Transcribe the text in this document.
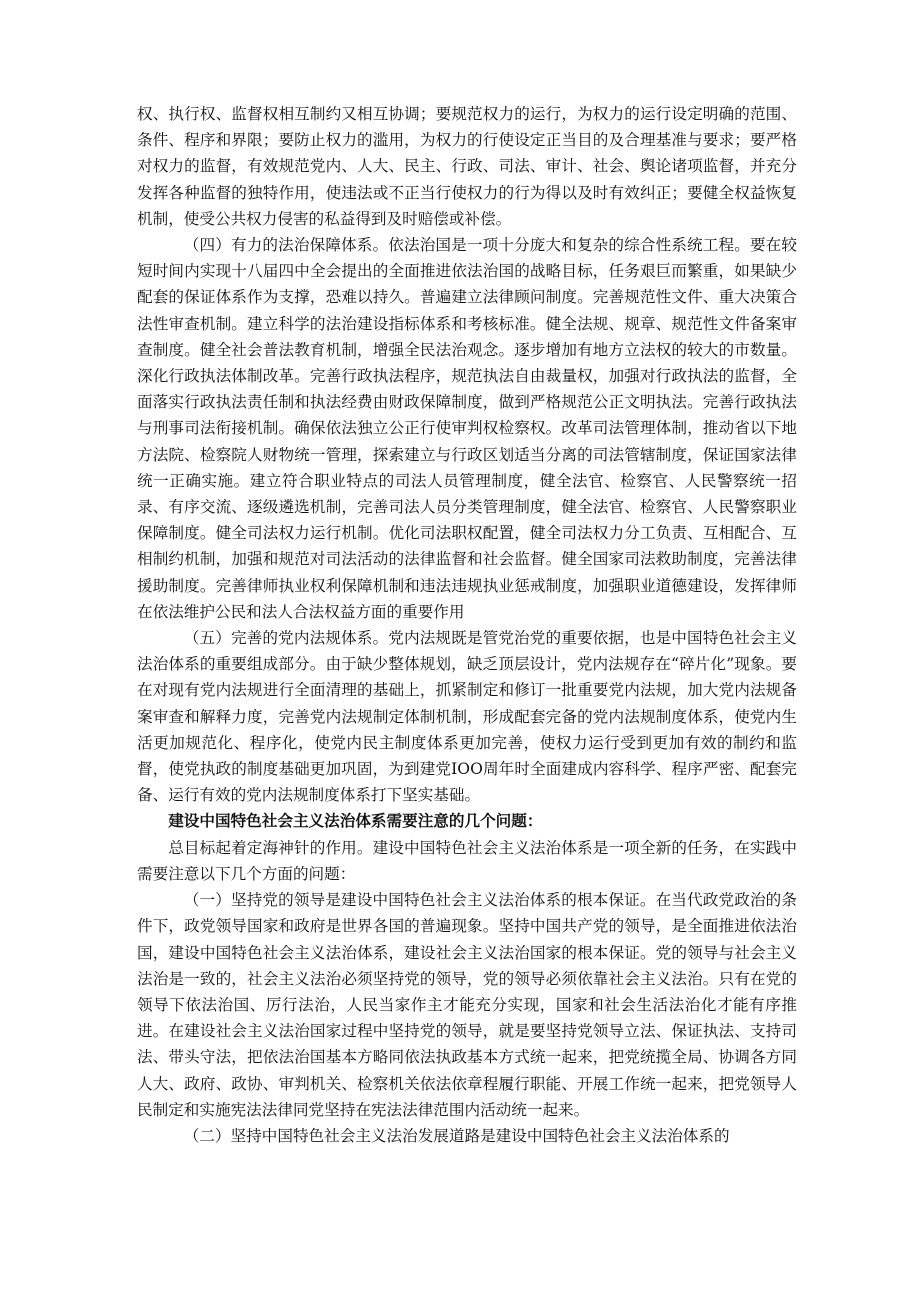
权、执行权、监督权相互制约又相互协调；要规范权力的运行，为权力的运行设定明确的范围、条件、程序和界限；要防止权力的滥用，为权力的行使设定正当目的及合理基准与要求；要严格对权力的监督，有效规范党内、人大、民主、行政、司法、审计、社会、舆论诸项监督，并充分发挥各种监督的独特作用，使违法或不正当行使权力的行为得以及时有效纠正；要健全权益恢复机制，使受公共权力侵害的私益得到及时赔偿或补偿。

（四）有力的法治保障体系。依法治国是一项十分庞大和复杂的综合性系统工程。要在较短时间内实现十八届四中全会提出的全面推进依法治国的战略目标，任务艰巨而繁重，如果缺少配套的保证体系作为支撑，恐难以持久。普遍建立法律顾问制度。完善规范性文件、重大决策合法性审查机制。建立科学的法治建设指标体系和考核标准。健全法规、规章、规范性文件备案审查制度。健全社会普法教育机制，增强全民法治观念。逐步增加有地方立法权的较大的市数量。深化行政执法体制改革。完善行政执法程序，规范执法自由裁量权，加强对行政执法的监督，全面落实行政执法责任制和执法经费由财政保障制度，做到严格规范公正文明执法。完善行政执法与刑事司法衔接机制。确保依法独立公正行使审判权检察权。改革司法管理体制，推动省以下地方法院、检察院人财物统一管理，探索建立与行政区划适当分离的司法管辖制度，保证国家法律统一正确实施。建立符合职业特点的司法人员管理制度，健全法官、检察官、人民警察统一招录、有序交流、逐级遴选机制，完善司法人员分类管理制度，健全法官、检察官、人民警察职业保障制度。健全司法权力运行机制。优化司法职权配置，健全司法权力分工负责、互相配合、互相制约机制，加强和规范对司法活动的法律监督和社会监督。健全国家司法救助制度，完善法律援助制度。完善律师执业权利保障机制和违法违规执业惩戒制度，加强职业道德建设，发挥律师在依法维护公民和法人合法权益方面的重要作用

（五）完善的党内法规体系。党内法规既是管党治党的重要依据，也是中国特色社会主义法治体系的重要组成部分。由于缺少整体规划，缺乏顶层设计，党内法规存在“碎片化”现象。要在对现有党内法规进行全面清理的基础上，抓紧制定和修订一批重要党内法规，加大党内法规备案审查和解释力度，完善党内法规制定体制机制，形成配套完备的党内法规制度体系，使党内生活更加规范化、程序化，使党内民主制度体系更加完善，使权力运行受到更加有效的制约和监督，使党执政的制度基础更加巩固，为到建党IOO周年时全面建成内容科学、程序严密、配套完备、运行有效的党内法规制度体系打下坚实基础。

建设中国特色社会主义法治体系需要注意的几个问题：

总目标起着定海神针的作用。建设中国特色社会主义法治体系是一项全新的任务，在实践中需要注意以下几个方面的问题：

（一）坚持党的领导是建设中国特色社会主义法治体系的根本保证。在当代政党政治的条件下，政党领导国家和政府是世界各国的普遍现象。坚持中国共产党的领导，是全面推进依法治国，建设中国特色社会主义法治体系，建设社会主义法治国家的根本保证。党的领导与社会主义法治是一致的，社会主义法治必须坚持党的领导，党的领导必须依靠社会主义法治。只有在党的领导下依法治国、厉行法治，人民当家作主才能充分实现，国家和社会生活法治化才能有序推进。在建设社会主义法治国家过程中坚持党的领导，就是要坚持党领导立法、保证执法、支持司法、带头守法，把依法治国基本方略同依法执政基本方式统一起来，把党统揽全局、协调各方同人大、政府、政协、审判机关、检察机关依法依章程履行职能、开展工作统一起来，把党领导人民制定和实施宪法法律同党坚持在宪法法律范围内活动统一起来。

（二）坚持中国特色社会主义法治发展道路是建设中国特色社会主义法治体系的
